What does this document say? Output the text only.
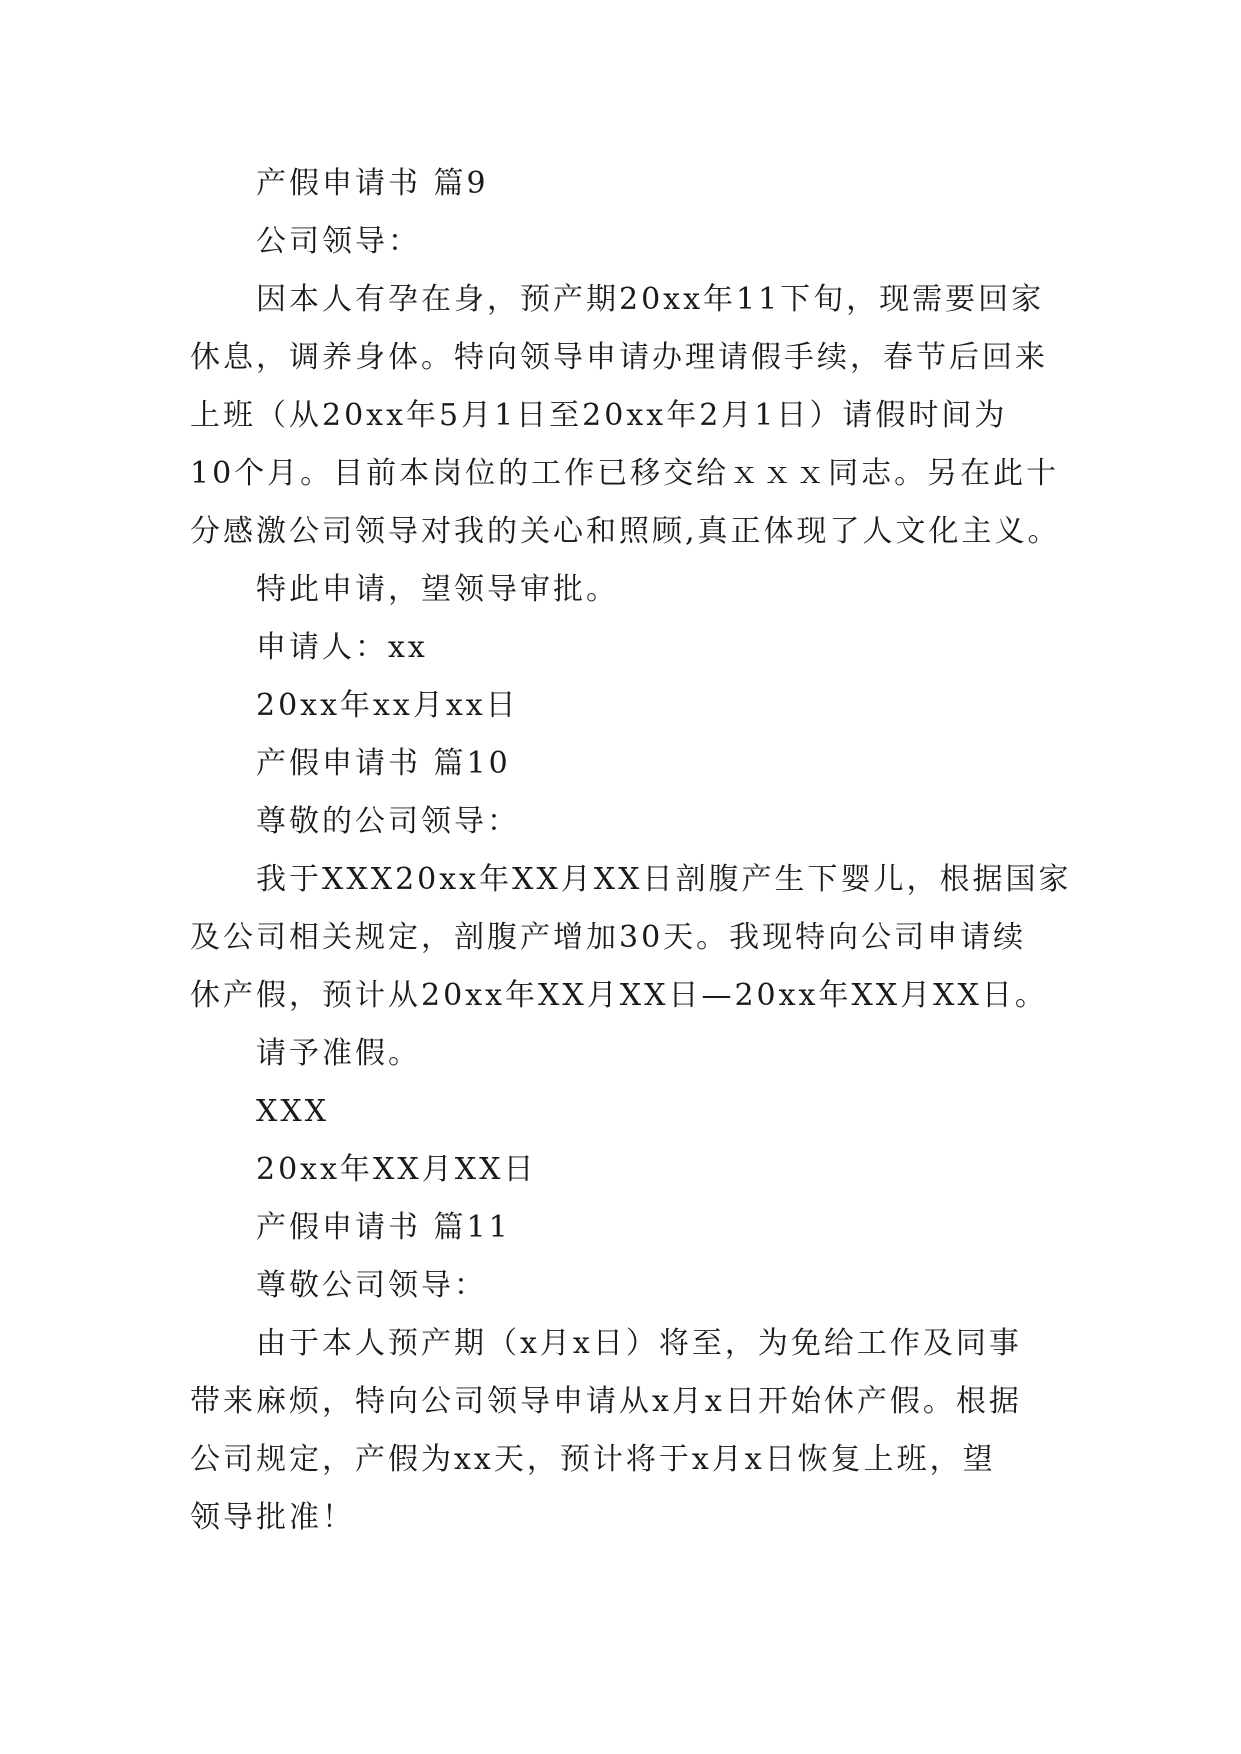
产假申请书 篇9
公司领导：
因本人有孕在身，预产期20xx年11下旬，现需要回家
休息，调养身体。特向领导申请办理请假手续，春节后回来
上班（从20xx年5月1日至20xx年2月1日）请假时间为
10个月。目前本岗位的工作已移交给ｘｘｘ同志。另在此十
分感激公司领导对我的关心和照顾,真正体现了人文化主义。
特此申请，望领导审批。
申请人：xx
20xx年xx月xx日
产假申请书 篇10
尊敬的公司领导：
我于XXX20xx年XX月XX日剖腹产生下婴儿，根据国家
及公司相关规定，剖腹产增加30天。我现特向公司申请续
休产假，预计从20xx年XX月XX日—20xx年XX月XX日。
请予准假。
XXX
20xx年XX月XX日
产假申请书 篇11
尊敬公司领导：
由于本人预产期（x月x日）将至，为免给工作及同事
带来麻烦，特向公司领导申请从x月x日开始休产假。根据
公司规定，产假为xx天，预计将于x月x日恢复上班，望
领导批准！
